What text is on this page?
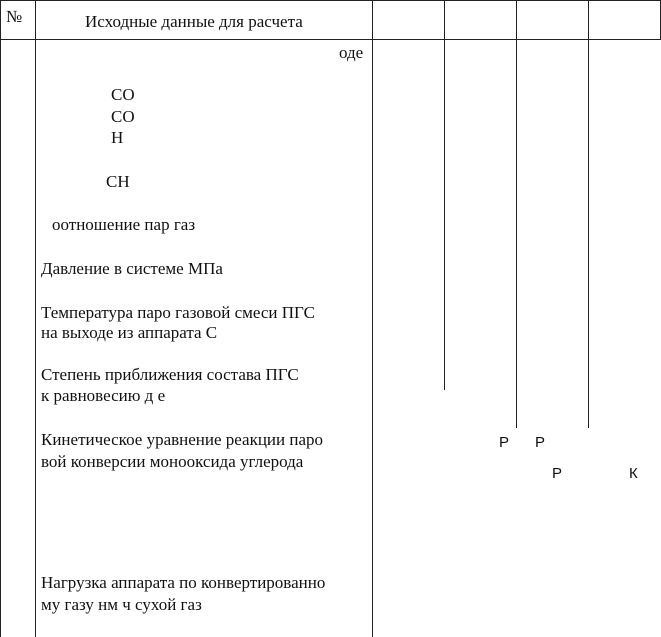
№	Исходные данные для расчета
оде
CO
CO
H
CH
оотношение пар газ
Давление в системе МПа
Температура паро газовой смеси ПГС
на выходе из аппарата С
Степень приближения состава ПГС
к равновесию д е
Кинетическое уравнение реакции паро
вой конверсии монооксида углерода
Нагрузка аппарата по конвертированно
му газу нм ч сухой газ
P P
P	К
